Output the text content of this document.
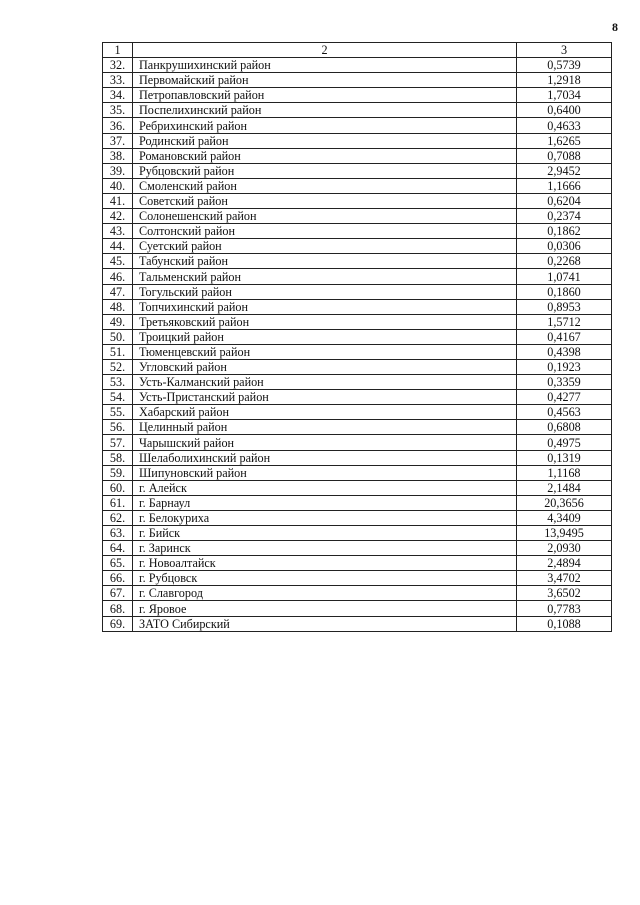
8
1	2	3
32.	Панкрушихинский район	0,5739
33.	Первомайский район	1,2918
34.	Петропавловский район	1,7034
35.	Поспелихинский район	0,6400
36.	Ребрихинский район	0,4633
37.	Родинский район	1,6265
38.	Романовский район	0,7088
39.	Рубцовский район	2,9452
40.	Смоленский район	1,1666
41.	Советский район	0,6204
42.	Солонешенский район	0,2374
43.	Солтонский район	0,1862
44.	Суетский район	0,0306
45.	Табунский район	0,2268
46.	Тальменский район	1,0741
47.	Тогульский район	0,1860
48.	Топчихинский район	0,8953
49.	Третьяковский район	1,5712
50.	Троицкий район	0,4167
51.	Тюменцевский район	0,4398
52.	Угловский район	0,1923
53.	Усть-Калманский район	0,3359
54.	Усть-Пристанский район	0,4277
55.	Хабарский район	0,4563
56.	Целинный район	0,6808
57.	Чарышский район	0,4975
58.	Шелаболихинский район	0,1319
59.	Шипуновский район	1,1168
60.	г. Алейск	2,1484
61.	г. Барнаул	20,3656
62.	г. Белокуриха	4,3409
63.	г. Бийск	13,9495
64.	г. Заринск	2,0930
65.	г. Новоалтайск	2,4894
66.	г. Рубцовск	3,4702
67.	г. Славгород	3,6502
68.	г. Яровое	0,7783
69.	ЗАТО Сибирский	0,1088
